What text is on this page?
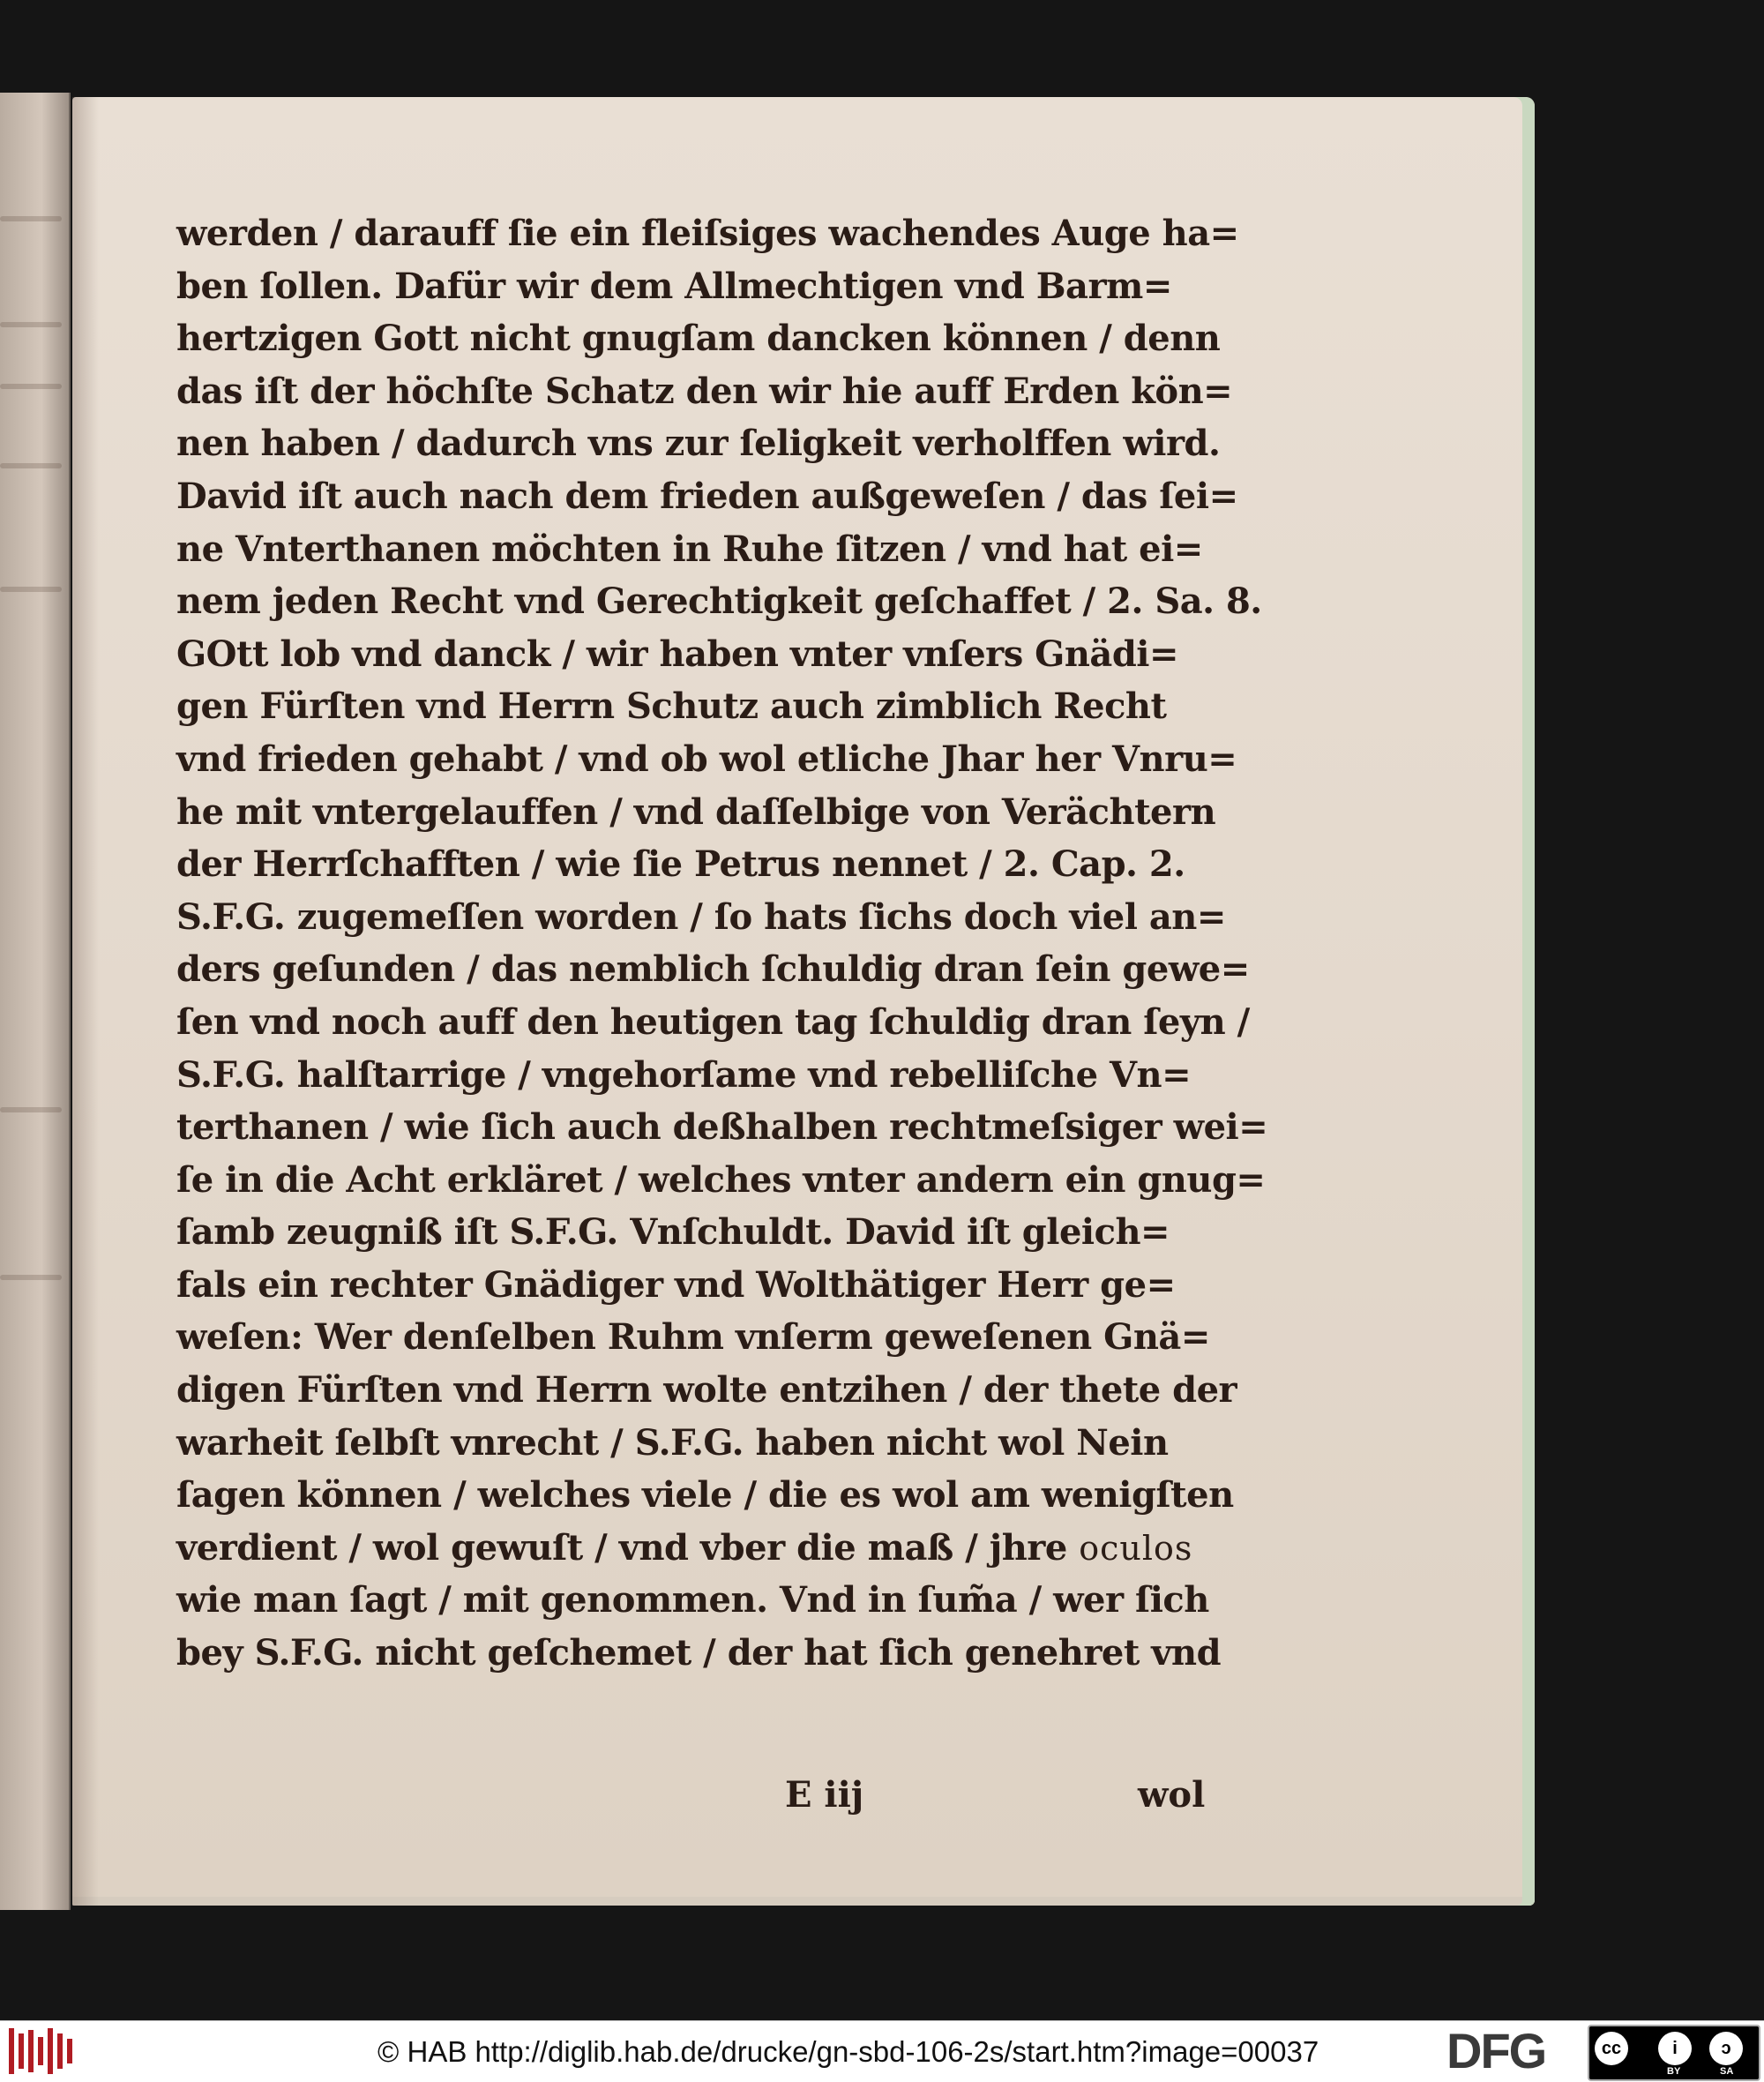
werden / darauff ſie ein fleiſsiges wachendes Auge ha=
ben ſollen. Dafür wir dem Allmechtigen vnd Barm=
hertzigen Gott nicht gnugſam dancken können / denn
das iſt der höchſte Schatz den wir hie auff Erden kön=
nen haben / dadurch vns zur ſeligkeit verholffen wird.
David iſt auch nach dem frieden außgeweſen / das ſei=
ne Vnterthanen möchten in Ruhe ſitzen / vnd hat ei=
nem jeden Recht vnd Gerechtigkeit geſchaffet / 2. Sa. 8.
GOtt lob vnd danck / wir haben vnter vnſers Gnädi=
gen Fürſten vnd Herrn Schutz auch zimblich Recht
vnd frieden gehabt / vnd ob wol etliche Jhar her Vnru=
he mit vntergelauffen / vnd daſſelbige von Verächtern
der Herrſchafften / wie ſie Petrus nennet / 2. Cap. 2.
S.F.G. zugemeſſen worden / ſo hats ſichs doch viel an=
ders geſunden / das nemblich ſchuldig dran ſein gewe=
ſen vnd noch auff den heutigen tag ſchuldig dran ſeyn /
S.F.G. halſtarrige / vngehorſame vnd rebelliſche Vn=
terthanen / wie ſich auch deßhalben rechtmeſsiger wei=
ſe in die Acht erkläret / welches vnter andern ein gnug=
ſamb zeugniß iſt S.F.G. Vnſchuldt. David iſt gleich=
fals ein rechter Gnädiger vnd Wolthätiger Herr ge=
weſen: Wer denſelben Ruhm vnſerm geweſenen Gnä=
digen Fürſten vnd Herrn wolte entzihen / der thete der
warheit ſelbſt vnrecht / S.F.G. haben nicht wol Nein
ſagen können / welches viele / die es wol am wenigſten
verdient / wol gewuſt / vnd vber die maß / jhre oculos
wie man ſagt / mit genommen. Vnd in ſum̃a / wer ſich
bey S.F.G. nicht geſchemet / der hat ſich genehret vnd
E iij	wol
© HAB http://diglib.hab.de/drucke/gn-sbd-106-2s/start.htm?image=00037	DFG	cc	i	ↄ
BY	SA
